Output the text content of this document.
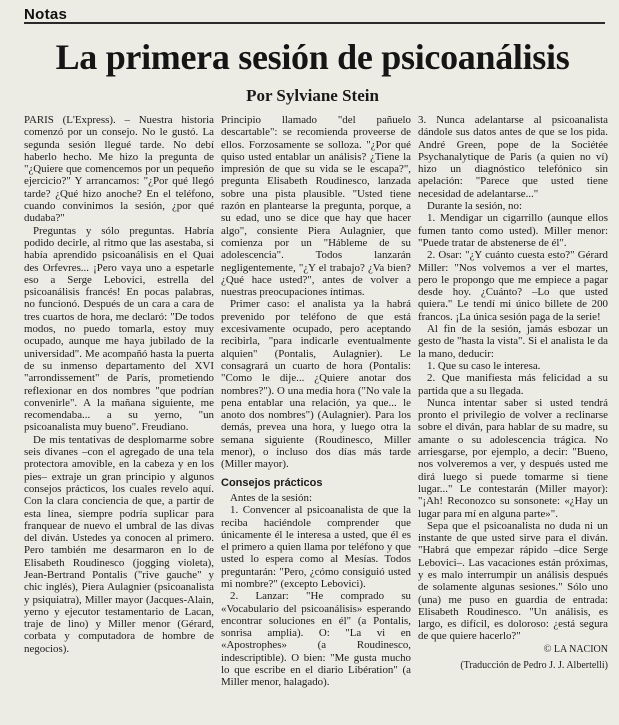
Notas
La primera sesión de psicoanálisis
Por Sylviane Stein

PARIS (L'Express). – Nuestra historia comenzó por un consejo. No le gustó. La segunda sesión llegué tarde. No debí haberlo hecho. Me hizo la pregunta de "¿Quiere que comencemos por un pequeño ejercicio?" Y arrancamos: "¿Por qué llegó tarde? ¿Qué hizo anoche? En el teléfono, cuando convinimos la sesión, ¿por qué dudaba?"

Preguntas y sólo preguntas. Habría podido decirle, al ritmo que las asestaba, si había aprendido psicoanálisis en el Quai des Orfevres... ¡Pero vaya uno a espetarle eso a Serge Lebovici, estrella del psicoanálisis francés! En pocas palabras, no funcionó. Después de un cara a cara de tres cuartos de hora, me declaró: "De todos modos, no puedo tomarla, estoy muy ocupado, aunque me haya jubilado de la universidad". Me acompañó hasta la puerta de su inmenso departamento del XVI "arrondissement" de París, prometiendo reflexionar en dos nombres "que podrían convenirle". A la mañana siguiente, me recomendaba... a su yerno, "un psicoanalista muy bueno". Freudiano.

De mis tentativas de desplomarme sobre seis divanes –con el agregado de una tela protectora amovible, en la cabeza y en los pies– extraje un gran principio y algunos consejos prácticos, los cuales revelo aquí. Con la clara conciencia de que, a partir de esta línea, siempre podría suplicar para franquear de nuevo el umbral de las divas del diván. Ustedes ya conocen al primero. Pero también me desarmaron en lo de Elisabeth Roudinesco (jogging violeta), Jean-Bertrand Pontalis ("rive gauche" y chic inglés), Piera Aulagnier (psicoanalista y psiquiatra), Miller mayor (Jacques-Alain, yerno y ejecutor testamentario de Lacan, traje de lino) y Miller menor (Gérard, corbata y computadora de hombre de negocios).

Principio llamado "del pañuelo descartable": se recomienda proveerse de ellos. Forzosamente se solloza. "¿Por qué quiso usted entablar un análisis? ¿Tiene la impresión de que su vida se le escapa?", pregunta Elisabeth Roudinesco, lanzada sobre una pista plausible. "Usted tiene razón en plantearse la pregunta, porque, a su edad, uno se dice que hay que hacer algo", consiente Piera Aulagnier, que comienza por un "Hábleme de su adolescencia". Todos lanzarán negligentemente, "¿Y el trabajo? ¿Va bien? ¿Qué hace usted?", antes de volver a nuestras preocupaciones íntimas.

Primer caso: el analista ya la habrá prevenido por teléfono de que está excesivamente ocupado, pero aceptando recibirla, "para indicarle eventualmente alquien" (Pontalis, Aulagnier). Le consagrará un cuarto de hora (Pontalis: "Como le dije... ¿Quiere anotar dos nombres?"). O una media hora ("No vale la pena entablar una relación, ya que... le anoto dos nombres") (Aulagnier). Para los demás, prevea una hora, y luego otra la semana siguiente (Roudinesco, Miller menor), o incluso dos días más tarde (Miller mayor).

Consejos prácticos

Antes de la sesión:

1. Convencer al psicoanalista de que la reciba haciéndole comprender que únicamente él le interesa a usted, que él es el primero a quien llama por teléfono y que usted lo espera como al Mesías. Todos preguntarán: "Pero, ¿cómo consiguió usted mi nombre?" (excepto Lebovici).

2. Lanzar: "He comprado su «Vocabulario del psicoanálisis» esperando encontrar soluciones en él" (a Pontalis, sonrisa amplia). O: "La vi en «Apostrophes» (a Roudinesco, indescriptible). O bien: "Me gusta mucho lo que escribe en el diario Libération" (a Miller menor, halagado).

3. Nunca adelantarse al psicoanalista dándole sus datos antes de que se los pida. André Green, pope de la Sociétée Psychanalytique de Paris (a quien no ví) hizo un diagnóstico telefónico sin apelación: "Parece que usted tiene necesidad de adelantarse..."

Durante la sesión, no:

1. Mendigar un cigarrillo (aunque ellos fumen tanto como usted). Miller menor: "Puede tratar de abstenerse de él".

2. Osar: "¿Y cuánto cuesta esto?" Gérard Miller: "Nos volvemos a ver el martes, pero le propongo que me empiece a pagar desde hoy. ¿Cuánto? –Lo que usted quiera." Le tendí mi único billete de 200 francos. ¡La única sesión paga de la serie!

Al fin de la sesión, jamás esbozar un gesto de "hasta la vista". Si el analista le da la mano, deducir:

1. Que su caso le interesa.

2. Que manifiesta más felicidad a su partida que a su llegada.

Nunca intentar saber si usted tendrá pronto el privilegio de volver a reclinarse sobre el diván, para hablar de su madre, su amante o su adolescencia trágica. No arriesgarse, por ejemplo, a decir: "Bueno, nos volveremos a ver, y después usted me dirá luego si puede tomarme si tiene lugar..." Le contestarán (Miller mayor): "¡Ah! Reconozco su sonsonete: «¿Hay un lugar para mí en alguna parte»".

Sepa que el psicoanalista no duda ni un instante de que usted sirve para el diván. "Habrá que empezar rápido –dice Serge Lebovici–. Las vacaciones están próximas, y es malo interrumpir un análisis después de solamente algunas sesiones." Sólo uno (una) me puso en guardia de entrada: Elisabeth Roudinesco. "Un análisis, es largo, es difícil, es doloroso: ¿está segura de que quiere hacerlo?"

© LA NACION
(Traducción de Pedro J. J. Albertelli)
